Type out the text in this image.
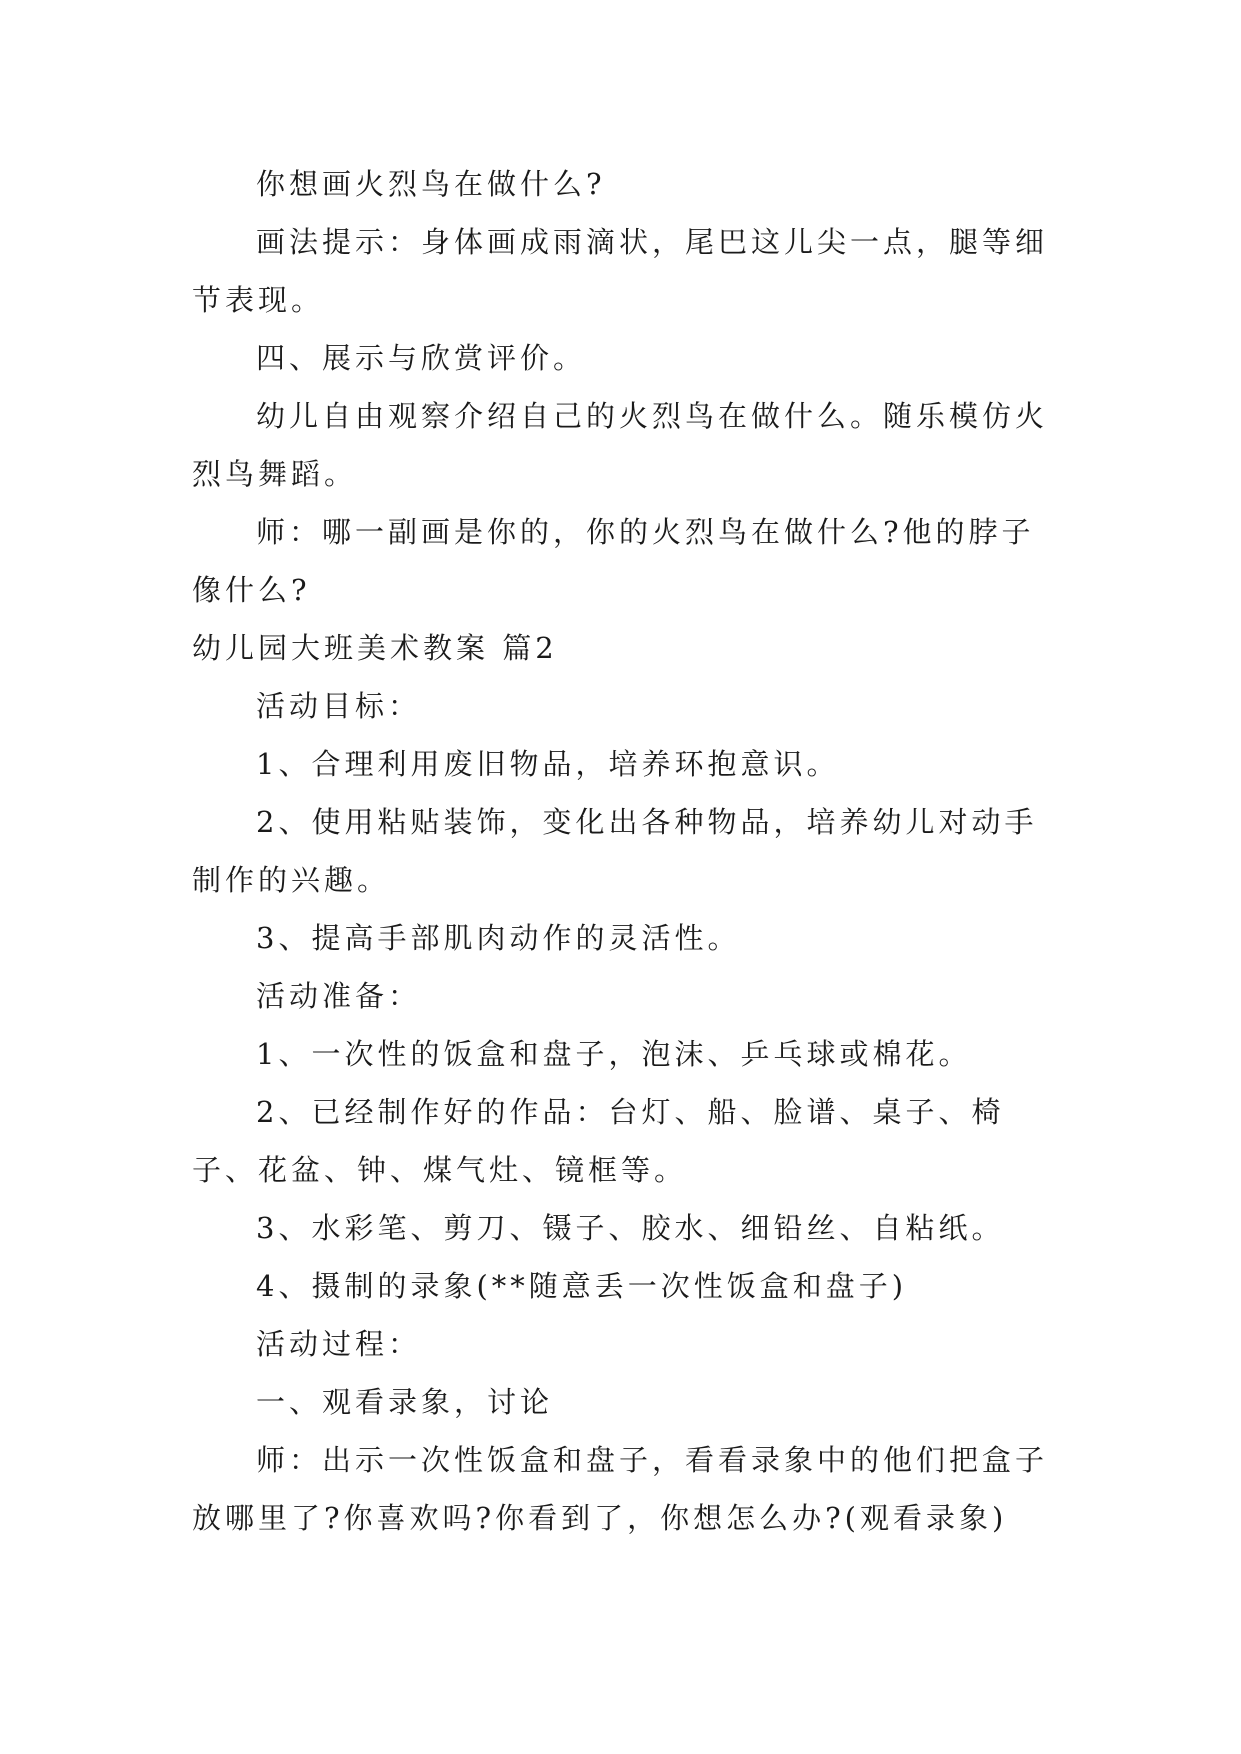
你想画火烈鸟在做什么?

画法提示：身体画成雨滴状，尾巴这儿尖一点，腿等细节表现。

四、展示与欣赏评价。

幼儿自由观察介绍自己的火烈鸟在做什么。随乐模仿火烈鸟舞蹈。

师：哪一副画是你的，你的火烈鸟在做什么?他的脖子像什么?

幼儿园大班美术教案 篇2

活动目标：

1、合理利用废旧物品，培养环抱意识。

2、使用粘贴装饰，变化出各种物品，培养幼儿对动手制作的兴趣。

3、提高手部肌肉动作的灵活性。

活动准备：

1、一次性的饭盒和盘子，泡沫、乒乓球或棉花。

2、已经制作好的作品：台灯、船、脸谱、桌子、椅子、花盆、钟、煤气灶、镜框等。

3、水彩笔、剪刀、镊子、胶水、细铅丝、自粘纸。

4、摄制的录象(**随意丢一次性饭盒和盘子)

活动过程：

一、观看录象，讨论

师：出示一次性饭盒和盘子，看看录象中的他们把盒子放哪里了?你喜欢吗?你看到了，你想怎么办?(观看录象)
